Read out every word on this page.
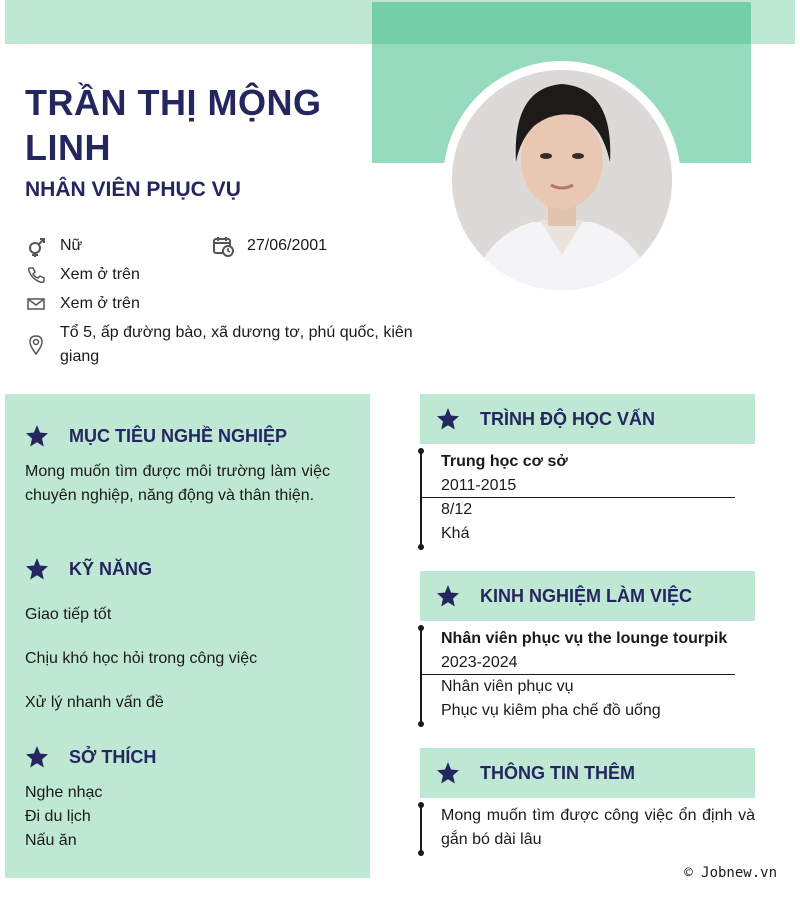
TRẦN THỊ MỘNG LINH
NHÂN VIÊN PHỤC VỤ
Nữ	27/06/2001
Xem ở trên
Xem ở trên
Tổ 5, ấp đường bào, xã dương tơ, phú quốc, kiên giang
MỤC TIÊU NGHỀ NGHIỆP
Mong muốn tìm được môi trường làm việc chuyên nghiệp, năng động và thân thiện.
KỸ NĂNG
Giao tiếp tốt
Chịu khó học hỏi trong công việc
Xử lý nhanh vấn đề
SỞ THÍCH
Nghe nhạc
Đi du lịch
Nấu ăn
TRÌNH ĐỘ HỌC VẤN
Trung học cơ sở
2011-2015
8/12
Khá
KINH NGHIỆM LÀM VIỆC
Nhân viên phục vụ the lounge tourpik
2023-2024
Nhân viên phục vụ
Phục vụ kiêm pha chế đồ uống
THÔNG TIN THÊM
Mong muốn tìm được công việc ổn định và gắn bó dài lâu
© Jobnew.vn
